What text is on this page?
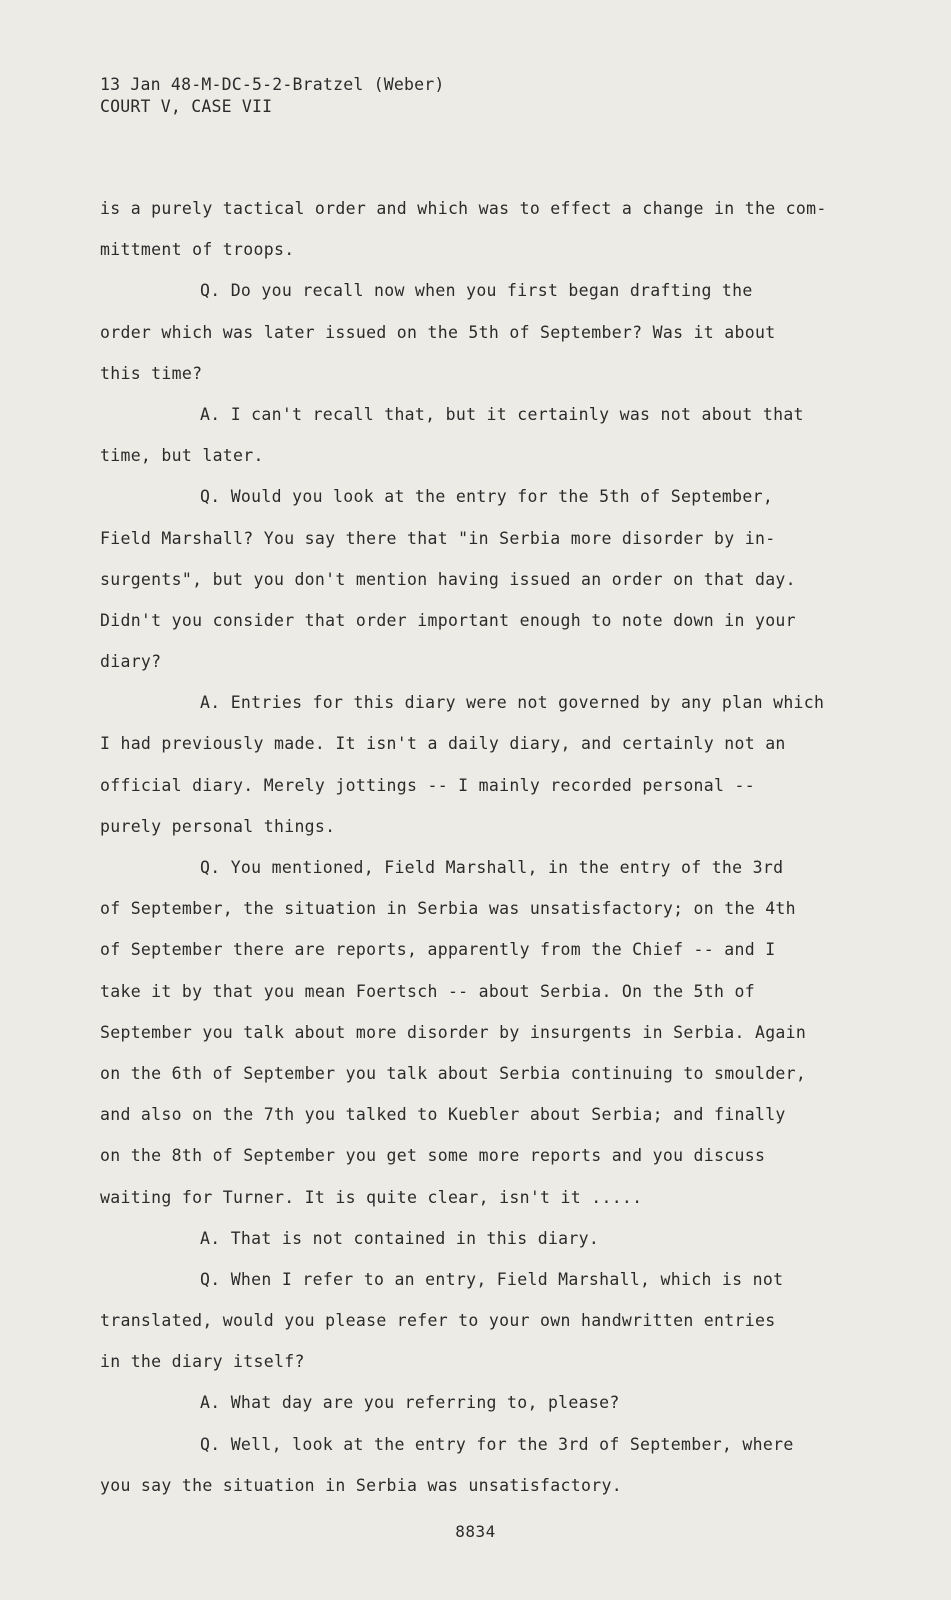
13 Jan 48-M-DC-5-2-Bratzel (Weber)
COURT V, CASE VII
is a purely tactical order and which was to effect a change in the com-
mittment of troops.
Q. Do you recall now when you first began drafting the
order which was later issued on the 5th of September? Was it about
this time?
A. I can't recall that, but it certainly was not about that
time, but later.
Q. Would you look at the entry for the 5th of September,
Field Marshall? You say there that "in Serbia more disorder by in-
surgents", but you don't mention having issued an order on that day.
Didn't you consider that order important enough to note down in your
diary?
A. Entries for this diary were not governed by any plan which
I had previously made. It isn't a daily diary, and certainly not an
official diary. Merely jottings -- I mainly recorded personal --
purely personal things.
Q. You mentioned, Field Marshall, in the entry of the 3rd
of September, the situation in Serbia was unsatisfactory; on the 4th
of September there are reports, apparently from the Chief -- and I
take it by that you mean Foertsch -- about Serbia. On the 5th of
September you talk about more disorder by insurgents in Serbia. Again
on the 6th of September you talk about Serbia continuing to smoulder,
and also on the 7th you talked to Kuebler about Serbia; and finally
on the 8th of September you get some more reports and you discuss
waiting for Turner. It is quite clear, isn't it .....
A. That is not contained in this diary.
Q. When I refer to an entry, Field Marshall, which is not
translated, would you please refer to your own handwritten entries
in the diary itself?
A. What day are you referring to, please?
Q. Well, look at the entry for the 3rd of September, where
you say the situation in Serbia was unsatisfactory.
8834
